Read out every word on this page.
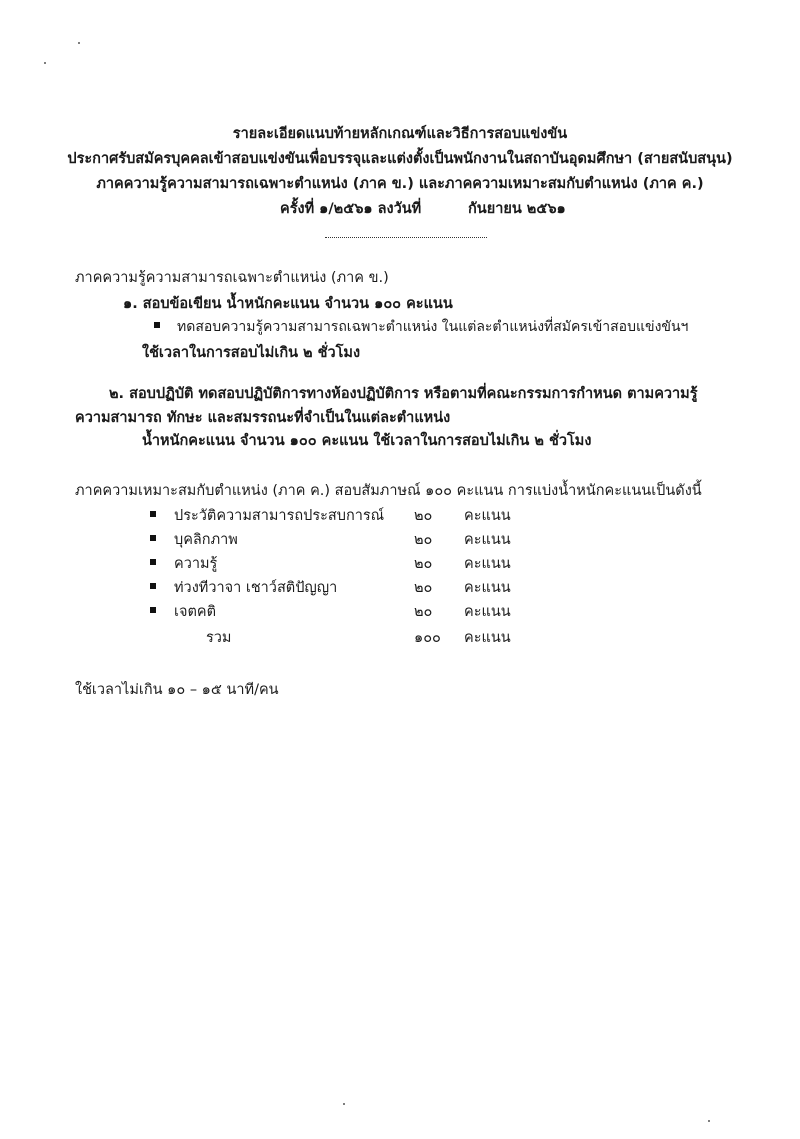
รายละเอียดแนบท้ายหลักเกณฑ์และวิธีการสอบแข่งขัน
ประกาศรับสมัครบุคคลเข้าสอบแข่งขันเพื่อบรรจุและแต่งตั้งเป็นพนักงานในสถาบันอุดมศึกษา (สายสนับสนุน)
ภาคความรู้ความสามารถเฉพาะตำแหน่ง (ภาค ข.) และภาคความเหมาะสมกับตำแหน่ง (ภาค ค.)
ครั้งที่ ๑/๒๕๖๑ ลงวันที่	กันยายน ๒๕๖๑
ภาคความรู้ความสามารถเฉพาะตำแหน่ง (ภาค ข.)
๑. สอบข้อเขียน น้ำหนักคะแนน จำนวน ๑๐๐ คะแนน
ทดสอบความรู้ความสามารถเฉพาะตำแหน่ง ในแต่ละตำแหน่งที่สมัครเข้าสอบแข่งขันฯ
ใช้เวลาในการสอบไม่เกิน ๒ ชั่วโมง
๒. สอบปฏิบัติ ทดสอบปฏิบัติการทางห้องปฏิบัติการ หรือตามที่คณะกรรมการกำหนด ตามความรู้
ความสามารถ ทักษะ และสมรรถนะที่จำเป็นในแต่ละตำแหน่ง
น้ำหนักคะแนน จำนวน ๑๐๐ คะแนน ใช้เวลาในการสอบไม่เกิน ๒ ชั่วโมง
ภาคความเหมาะสมกับตำแหน่ง (ภาค ค.) สอบสัมภาษณ์ ๑๐๐ คะแนน การแบ่งน้ำหนักคะแนนเป็นดังนี้
ประวัติความสามารถประสบการณ์ ๒๐ คะแนน
บุคลิกภาพ	๒๐ คะแนน
ความรู้	๒๐ คะแนน
ท่วงทีวาจา เชาว์สติปัญญา	๒๐ คะแนน
เจตคติ	๒๐ คะแนน
รวม	๑๐๐ คะแนน
ใช้เวลาไม่เกิน ๑๐ – ๑๕ นาที/คน
